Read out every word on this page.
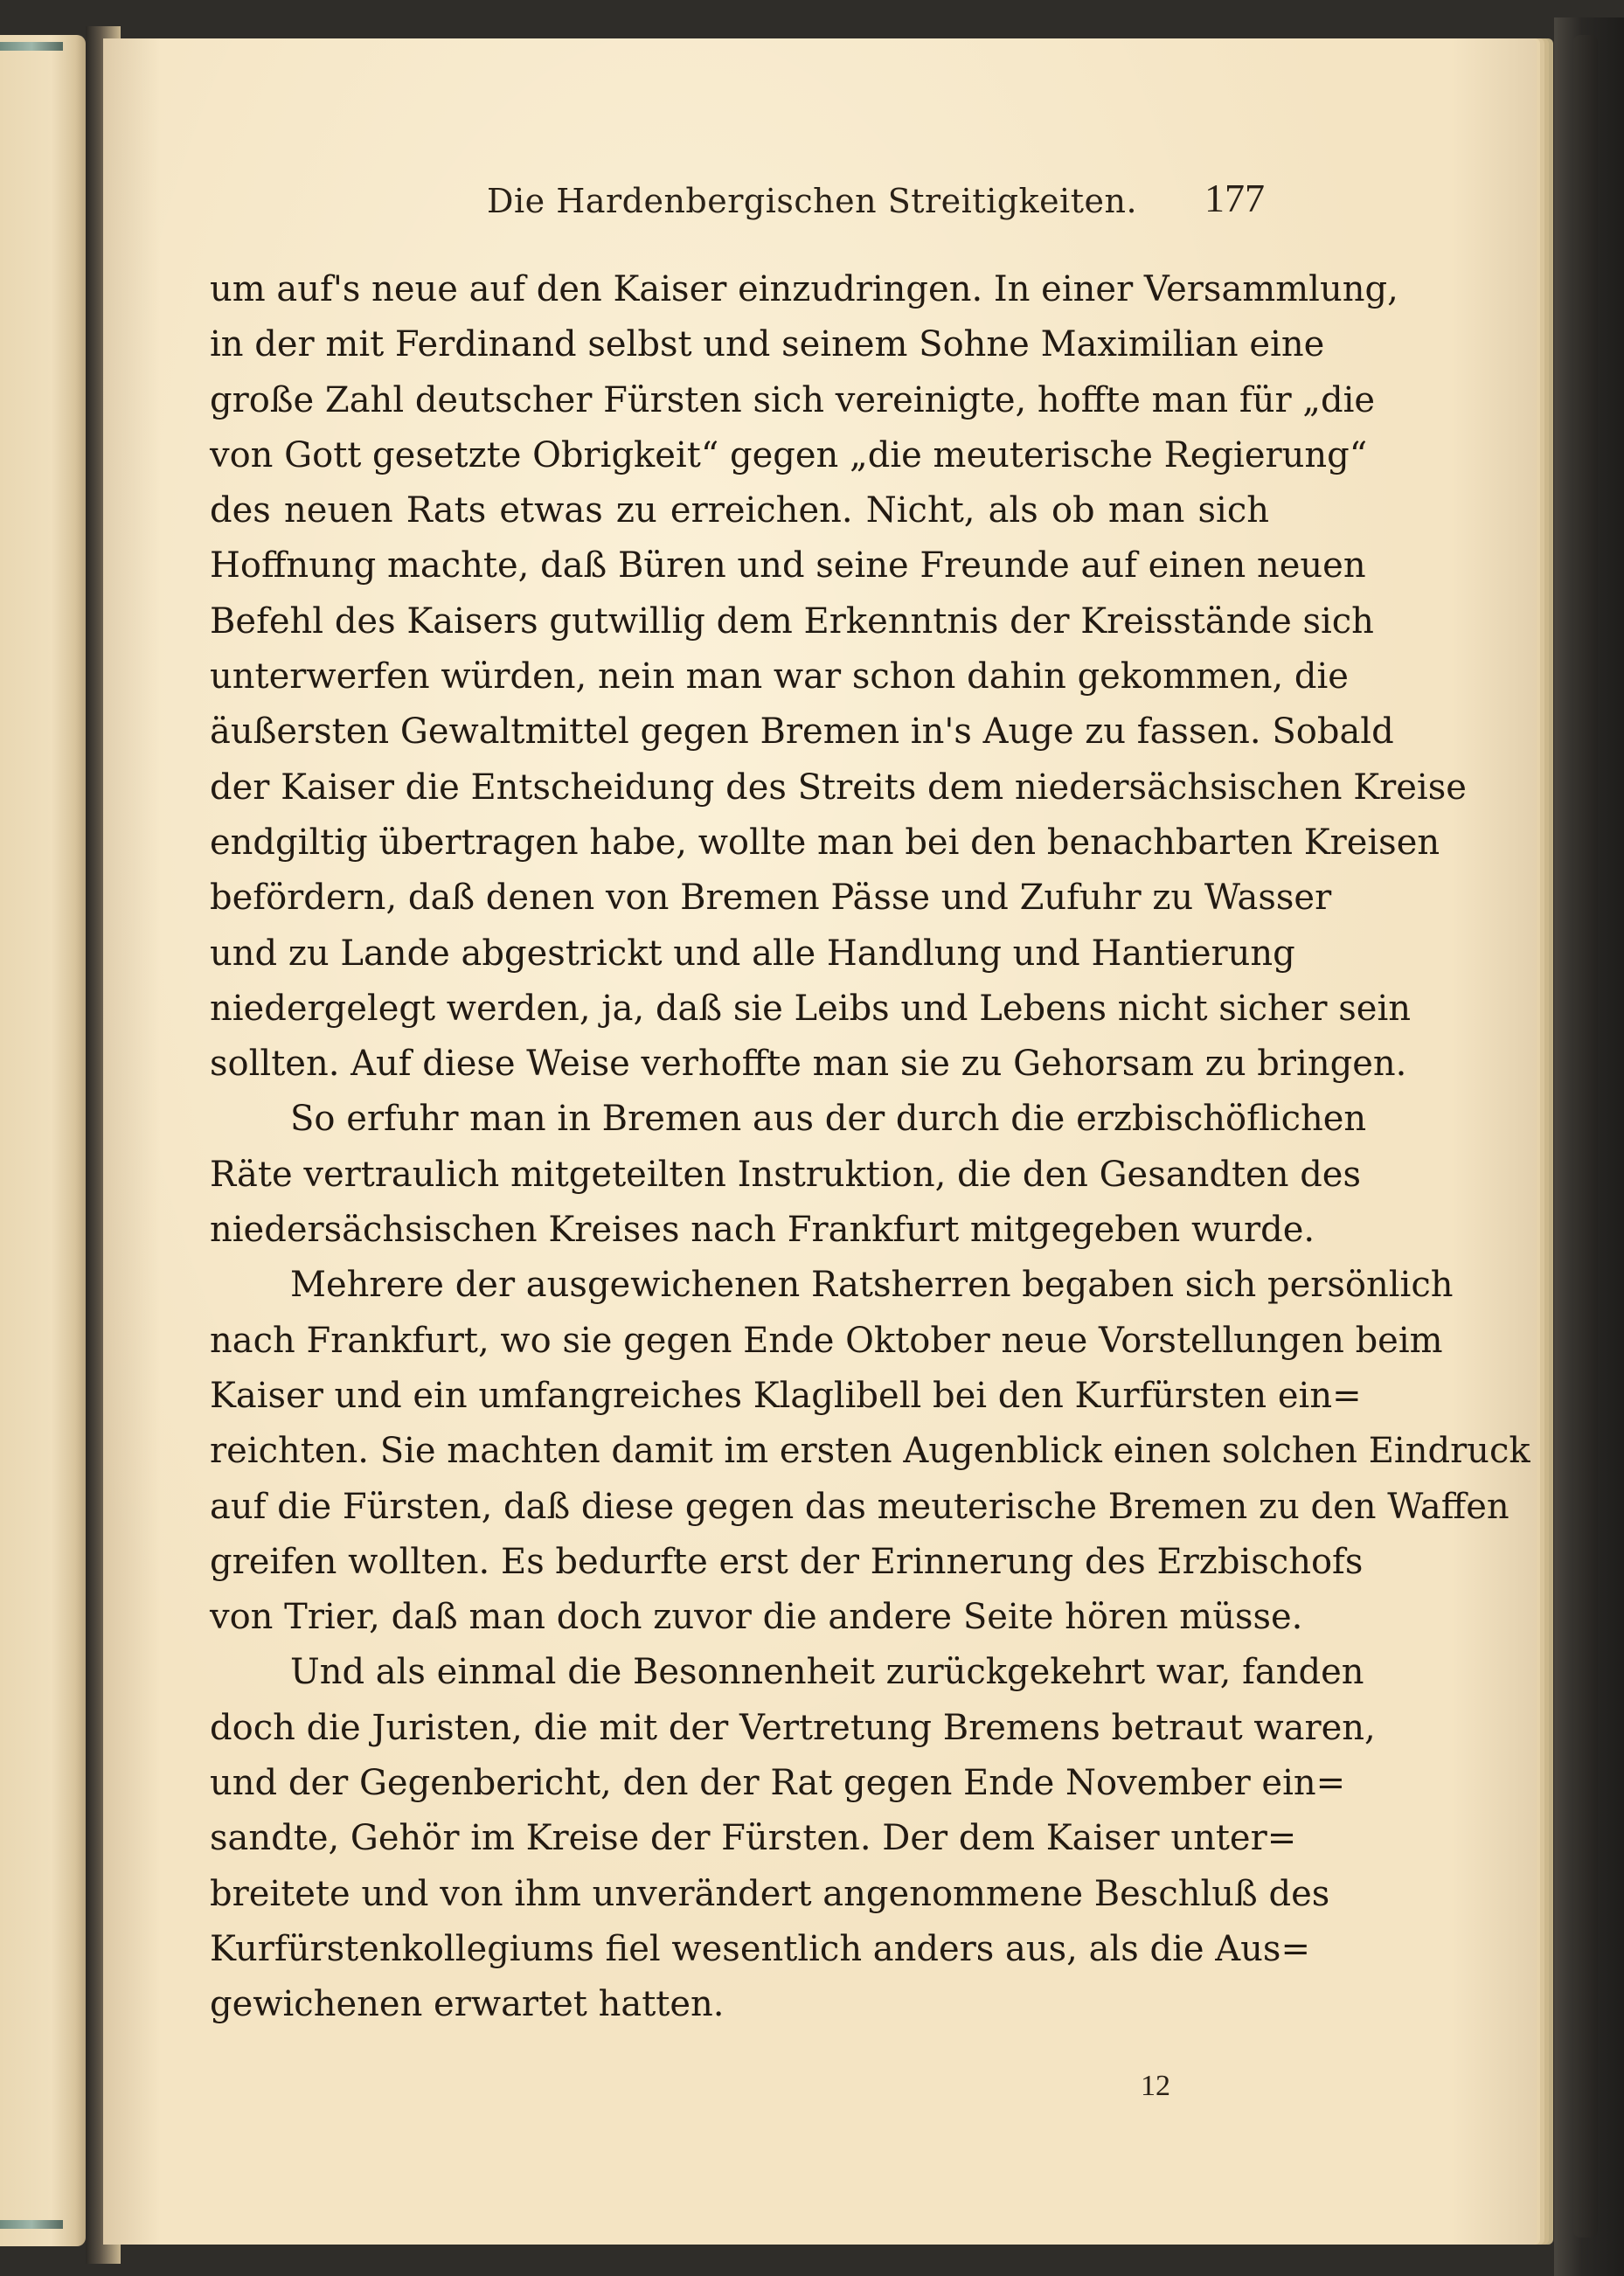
Die Hardenbergischen Streitigkeiten. 177
um auf's neue auf den Kaiser einzudringen. In einer Versammlung,
in der mit Ferdinand selbst und seinem Sohne Maximilian eine
große Zahl deutscher Fürsten sich vereinigte, hoffte man für „die
von Gott gesetzte Obrigkeit“ gegen „die meuterische Regierung“
des neuen Rats etwas zu erreichen. Nicht, als ob man sich
Hoffnung machte, daß Büren und seine Freunde auf einen neuen
Befehl des Kaisers gutwillig dem Erkenntnis der Kreisstände sich
unterwerfen würden, nein man war schon dahin gekommen, die
äußersten Gewaltmittel gegen Bremen in's Auge zu fassen. Sobald
der Kaiser die Entscheidung des Streits dem niedersächsischen Kreise
endgiltig übertragen habe, wollte man bei den benachbarten Kreisen
befördern, daß denen von Bremen Pässe und Zufuhr zu Wasser
und zu Lande abgestrickt und alle Handlung und Hantierung
niedergelegt werden, ja, daß sie Leibs und Lebens nicht sicher sein
sollten. Auf diese Weise verhoffte man sie zu Gehorsam zu bringen.
So erfuhr man in Bremen aus der durch die erzbischöflichen
Räte vertraulich mitgeteilten Instruktion, die den Gesandten des
niedersächsischen Kreises nach Frankfurt mitgegeben wurde.
Mehrere der ausgewichenen Ratsherren begaben sich persönlich
nach Frankfurt, wo sie gegen Ende Oktober neue Vorstellungen beim
Kaiser und ein umfangreiches Klaglibell bei den Kurfürsten ein=
reichten. Sie machten damit im ersten Augenblick einen solchen Eindruck
auf die Fürsten, daß diese gegen das meuterische Bremen zu den Waffen
greifen wollten. Es bedurfte erst der Erinnerung des Erzbischofs
von Trier, daß man doch zuvor die andere Seite hören müsse.
Und als einmal die Besonnenheit zurückgekehrt war, fanden
doch die Juristen, die mit der Vertretung Bremens betraut waren,
und der Gegenbericht, den der Rat gegen Ende November ein=
sandte, Gehör im Kreise der Fürsten. Der dem Kaiser unter=
breitete und von ihm unverändert angenommene Beschluß des
Kurfürstenkollegiums fiel wesentlich anders aus, als die Aus=
gewichenen erwartet hatten.
12
